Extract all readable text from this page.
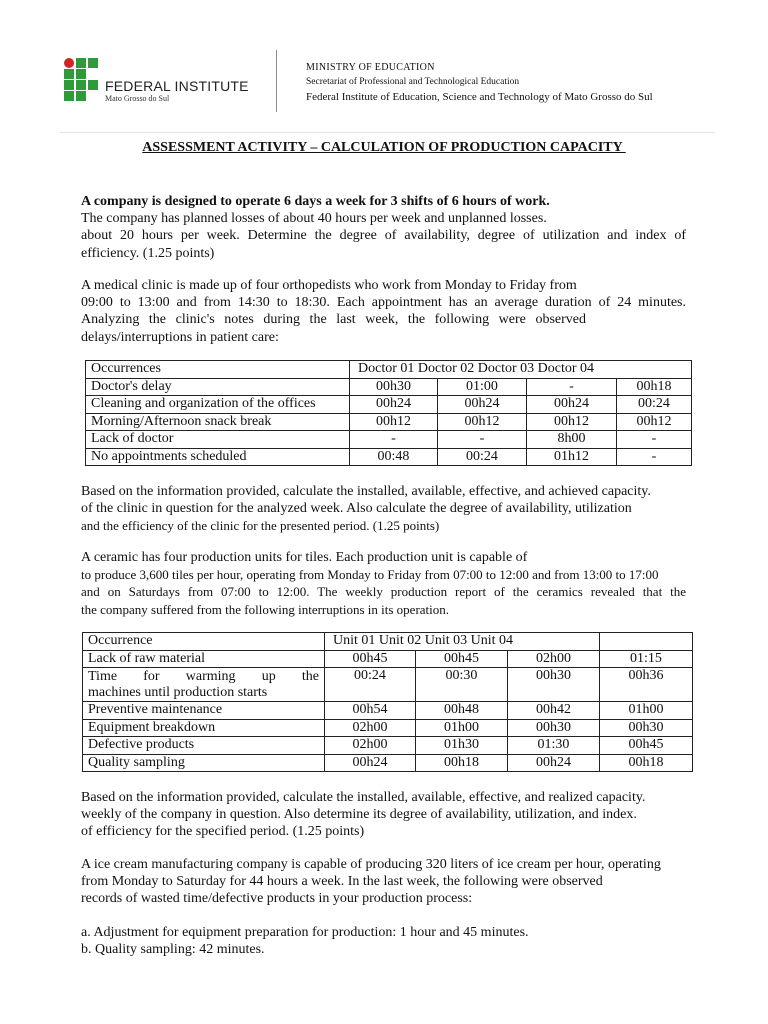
FEDERAL INSTITUTE
Mato Grosso do Sul
MINISTRY OF EDUCATION
Secretariat of Professional and Technological Education
Federal Institute of Education, Science and Technology of Mato Grosso do Sul
ASSESSMENT ACTIVITY – CALCULATION OF PRODUCTION CAPACITY
A company is designed to operate 6 days a week for 3 shifts of 6 hours of work.
The company has planned losses of about 40 hours per week and unplanned losses.
about 20 hours per week. Determine the degree of availability, degree of utilization and index of
efficiency. (1.25 points)
A medical clinic is made up of four orthopedists who work from Monday to Friday from
09:00 to 13:00 and from 14:30 to 18:30. Each appointment has an average duration of 24 minutes.
Analyzing the clinic's notes during the last week, the following were observed
delays/interruptions in patient care:
Occurrences	Doctor 01 Doctor 02 Doctor 03 Doctor 04			
Doctor's delay	00h30	01:00	-	00h18
Cleaning and organization of the offices	00h24	00h24	00h24	00:24
Morning/Afternoon snack break	00h12	00h12	00h12	00h12
Lack of doctor	-	-	8h00	-
No appointments scheduled	00:48	00:24	01h12	-
Based on the information provided, calculate the installed, available, effective, and achieved capacity.
of the clinic in question for the analyzed week. Also calculate the degree of availability, utilization
and the efficiency of the clinic for the presented period. (1.25 points)
A ceramic has four production units for tiles. Each production unit is capable of
to produce 3,600 tiles per hour, operating from Monday to Friday from 07:00 to 12:00 and from 13:00 to 17:00
and on Saturdays from 07:00 to 12:00. The weekly production report of the ceramics revealed that the
the company suffered from the following interruptions in its operation.
Occurrence	Unit 01 Unit 02 Unit 03 Unit 04			
Lack of raw material	00h45	00h45	02h00	01:15

Time for warming up the
machines until production starts	00:24	00:30	00h30	00h36
Preventive maintenance	00h54	00h48	00h42	01h00
Equipment breakdown	02h00	01h00	00h30	00h30
Defective products	02h00	01h30	01:30	00h45
Quality sampling	00h24	00h18	00h24	00h18
Based on the information provided, calculate the installed, available, effective, and realized capacity.
weekly of the company in question. Also determine its degree of availability, utilization, and index.
of efficiency for the specified period. (1.25 points)
A ice cream manufacturing company is capable of producing 320 liters of ice cream per hour, operating
from Monday to Saturday for 44 hours a week. In the last week, the following were observed
records of wasted time/defective products in your production process:
a. Adjustment for equipment preparation for production: 1 hour and 45 minutes.
b. Quality sampling: 42 minutes.
